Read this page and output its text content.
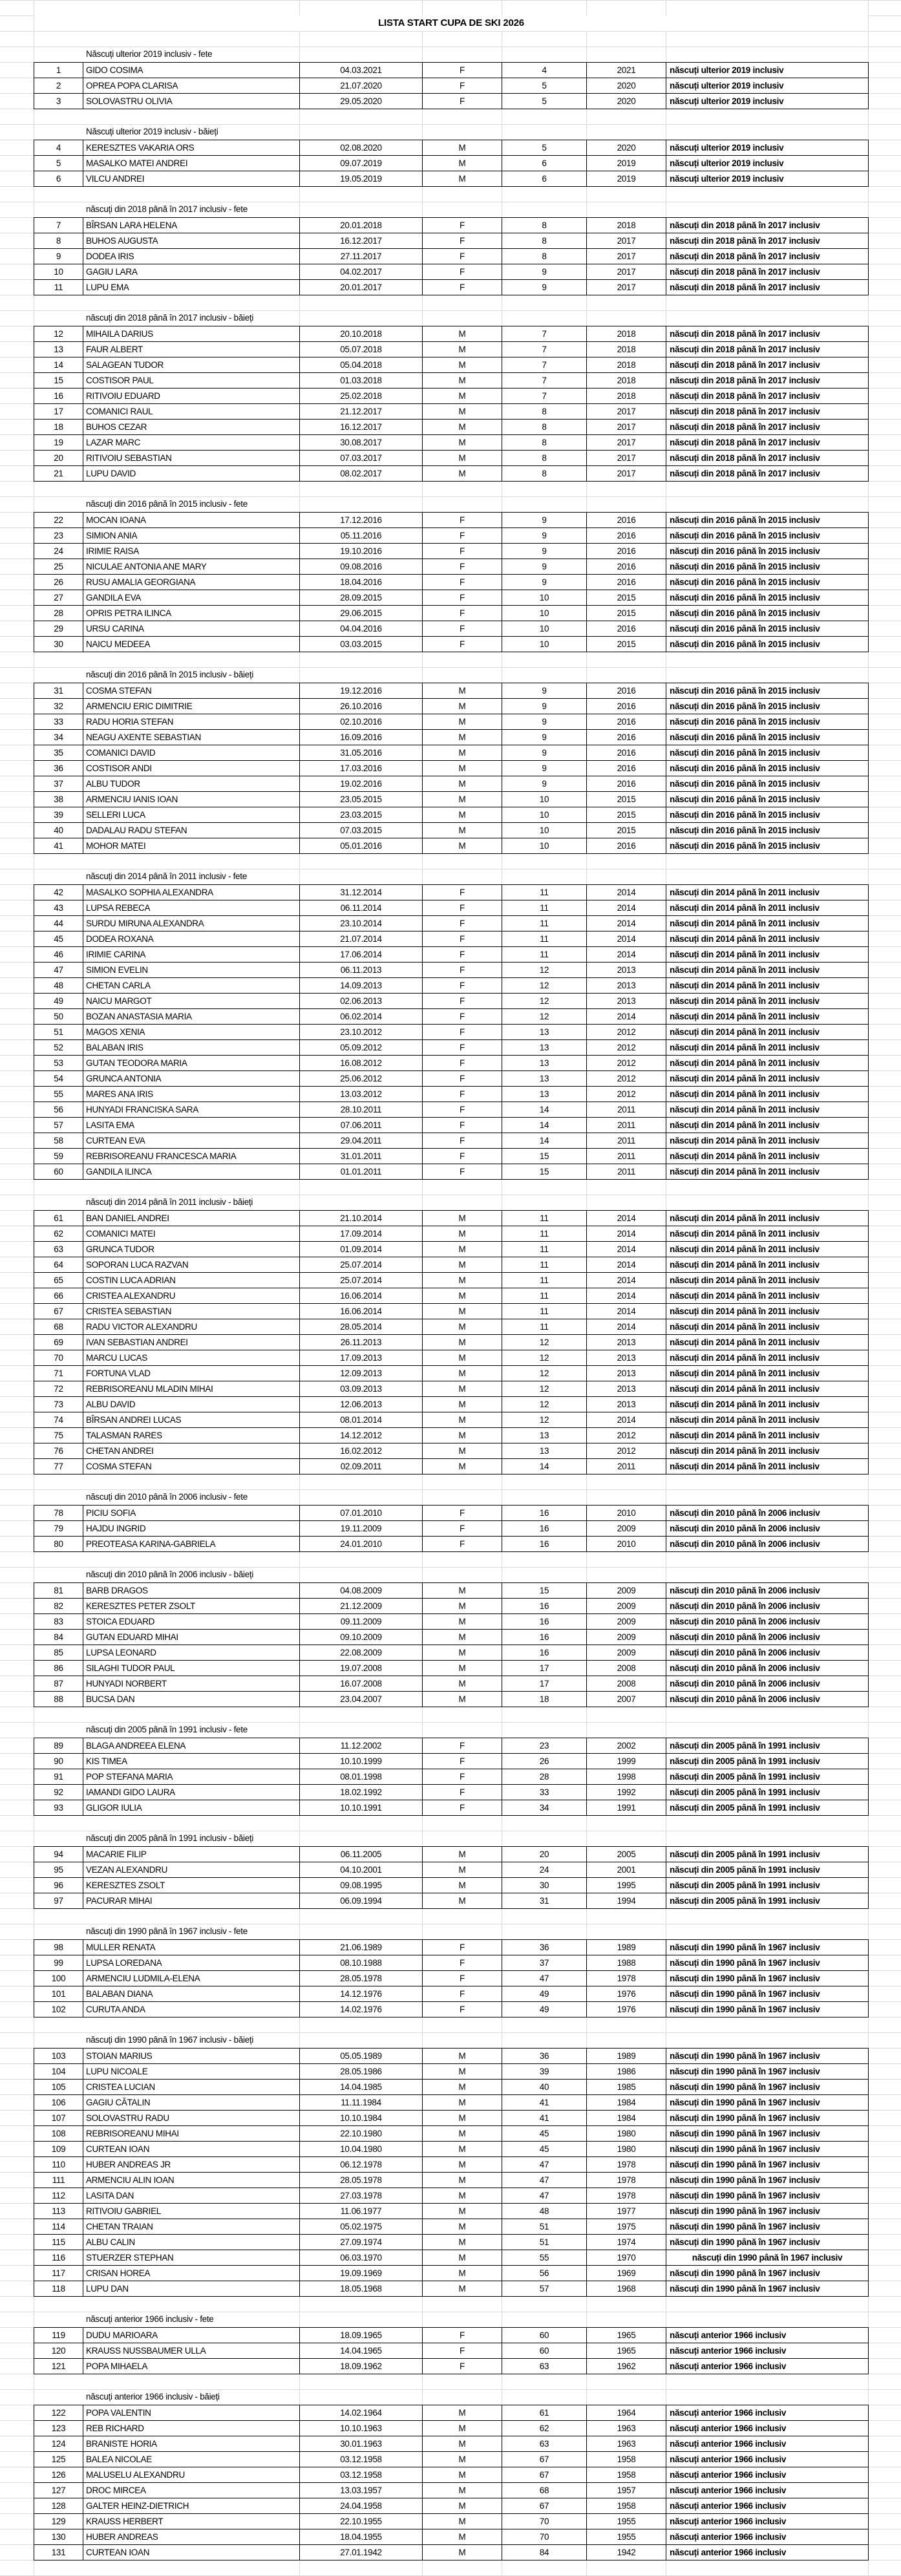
LISTA START CUPA DE SKI 2026
Născuți ulterior 2019 inclusiv - fete
1	GIDO COSIMA	04.03.2021	F	4	2021	născuți ulterior 2019 inclusiv
2	OPREA POPA CLARISA	21.07.2020	F	5	2020	născuți ulterior 2019 inclusiv
3	SOLOVASTRU OLIVIA	29.05.2020	F	5	2020	născuți ulterior 2019 inclusiv
Născuți ulterior 2019 inclusiv - băieți
4	KERESZTES VAKARIA ORS	02.08.2020	M	5	2020	născuți ulterior 2019 inclusiv
5	MASALKO MATEI ANDREI	09.07.2019	M	6	2019	născuți ulterior 2019 inclusiv
6	VILCU ANDREI	19.05.2019	M	6	2019	născuți ulterior 2019 inclusiv
născuți din 2018 până în 2017 inclusiv - fete
7	BÎRSAN LARA HELENA	20.01.2018	F	8	2018	născuți din 2018 până în 2017 inclusiv
8	BUHOS AUGUSTA	16.12.2017	F	8	2017	născuți din 2018 până în 2017 inclusiv
9	DODEA IRIS	27.11.2017	F	8	2017	născuți din 2018 până în 2017 inclusiv
10	GAGIU LARA	04.02.2017	F	9	2017	născuți din 2018 până în 2017 inclusiv
11	LUPU EMA	20.01.2017	F	9	2017	născuți din 2018 până în 2017 inclusiv
născuți din 2018 până în 2017 inclusiv - băieți
12	MIHAILA DARIUS	20.10.2018	M	7	2018	născuți din 2018 până în 2017 inclusiv
13	FAUR ALBERT	05.07.2018	M	7	2018	născuți din 2018 până în 2017 inclusiv
14	SALAGEAN TUDOR	05.04.2018	M	7	2018	născuți din 2018 până în 2017 inclusiv
15	COSTISOR PAUL	01.03.2018	M	7	2018	născuți din 2018 până în 2017 inclusiv
16	RITIVOIU EDUARD	25.02.2018	M	7	2018	născuți din 2018 până în 2017 inclusiv
17	COMANICI RAUL	21.12.2017	M	8	2017	născuți din 2018 până în 2017 inclusiv
18	BUHOS CEZAR	16.12.2017	M	8	2017	născuți din 2018 până în 2017 inclusiv
19	LAZAR MARC	30.08.2017	M	8	2017	născuți din 2018 până în 2017 inclusiv
20	RITIVOIU SEBASTIAN	07.03.2017	M	8	2017	născuți din 2018 până în 2017 inclusiv
21	LUPU DAVID	08.02.2017	M	8	2017	născuți din 2018 până în 2017 inclusiv
născuți din 2016 până în 2015 inclusiv - fete
22	MOCAN IOANA	17.12.2016	F	9	2016	născuți din 2016 până în 2015 inclusiv
23	SIMION ANIA	05.11.2016	F	9	2016	născuți din 2016 până în 2015 inclusiv
24	IRIMIE RAISA	19.10.2016	F	9	2016	născuți din 2016 până în 2015 inclusiv
25	NICULAE ANTONIA ANE MARY	09.08.2016	F	9	2016	născuți din 2016 până în 2015 inclusiv
26	RUSU AMALIA GEORGIANA	18.04.2016	F	9	2016	născuți din 2016 până în 2015 inclusiv
27	GANDILA EVA	28.09.2015	F	10	2015	născuți din 2016 până în 2015 inclusiv
28	OPRIS PETRA ILINCA	29.06.2015	F	10	2015	născuți din 2016 până în 2015 inclusiv
29	URSU CARINA	04.04.2016	F	10	2016	născuți din 2016 până în 2015 inclusiv
30	NAICU MEDEEA	03.03.2015	F	10	2015	născuți din 2016 până în 2015 inclusiv
născuți din 2016 până în 2015 inclusiv - băieți
31	COSMA STEFAN	19.12.2016	M	9	2016	născuți din 2016 până în 2015 inclusiv
32	ARMENCIU ERIC DIMITRIE	26.10.2016	M	9	2016	născuți din 2016 până în 2015 inclusiv
33	RADU HORIA STEFAN	02.10.2016	M	9	2016	născuți din 2016 până în 2015 inclusiv
34	NEAGU AXENTE SEBASTIAN	16.09.2016	M	9	2016	născuți din 2016 până în 2015 inclusiv
35	COMANICI DAVID	31.05.2016	M	9	2016	născuți din 2016 până în 2015 inclusiv
36	COSTISOR ANDI	17.03.2016	M	9	2016	născuți din 2016 până în 2015 inclusiv
37	ALBU TUDOR	19.02.2016	M	9	2016	născuți din 2016 până în 2015 inclusiv
38	ARMENCIU IANIS IOAN	23.05.2015	M	10	2015	născuți din 2016 până în 2015 inclusiv
39	SELLERI LUCA	23.03.2015	M	10	2015	născuți din 2016 până în 2015 inclusiv
40	DADALAU RADU STEFAN	07.03.2015	M	10	2015	născuți din 2016 până în 2015 inclusiv
41	MOHOR MATEI	05.01.2016	M	10	2016	născuți din 2016 până în 2015 inclusiv
născuți din 2014 până în 2011 inclusiv - fete
42	MASALKO SOPHIA ALEXANDRA	31.12.2014	F	11	2014	născuți din 2014 până în 2011 inclusiv
43	LUPSA REBECA	06.11.2014	F	11	2014	născuți din 2014 până în 2011 inclusiv
44	SURDU MIRUNA ALEXANDRA	23.10.2014	F	11	2014	născuți din 2014 până în 2011 inclusiv
45	DODEA ROXANA	21.07.2014	F	11	2014	născuți din 2014 până în 2011 inclusiv
46	IRIMIE CARINA	17.06.2014	F	11	2014	născuți din 2014 până în 2011 inclusiv
47	SIMION EVELIN	06.11.2013	F	12	2013	născuți din 2014 până în 2011 inclusiv
48	CHETAN CARLA	14.09.2013	F	12	2013	născuți din 2014 până în 2011 inclusiv
49	NAICU MARGOT	02.06.2013	F	12	2013	născuți din 2014 până în 2011 inclusiv
50	BOZAN ANASTASIA MARIA	06.02.2014	F	12	2014	născuți din 2014 până în 2011 inclusiv
51	MAGOS XENIA	23.10.2012	F	13	2012	născuți din 2014 până în 2011 inclusiv
52	BALABAN IRIS	05.09.2012	F	13	2012	născuți din 2014 până în 2011 inclusiv
53	GUTAN TEODORA MARIA	16.08.2012	F	13	2012	născuți din 2014 până în 2011 inclusiv
54	GRUNCA ANTONIA	25.06.2012	F	13	2012	născuți din 2014 până în 2011 inclusiv
55	MARES ANA IRIS	13.03.2012	F	13	2012	născuți din 2014 până în 2011 inclusiv
56	HUNYADI FRANCISKA SARA	28.10.2011	F	14	2011	născuți din 2014 până în 2011 inclusiv
57	LASITA EMA	07.06.2011	F	14	2011	născuți din 2014 până în 2011 inclusiv
58	CURTEAN EVA	29.04.2011	F	14	2011	născuți din 2014 până în 2011 inclusiv
59	REBRISOREANU FRANCESCA MARIA	31.01.2011	F	15	2011	născuți din 2014 până în 2011 inclusiv
60	GANDILA ILINCA	01.01.2011	F	15	2011	născuți din 2014 până în 2011 inclusiv
născuți din 2014 până în 2011 inclusiv - băieți
61	BAN DANIEL ANDREI	21.10.2014	M	11	2014	născuți din 2014 până în 2011 inclusiv
62	COMANICI MATEI	17.09.2014	M	11	2014	născuți din 2014 până în 2011 inclusiv
63	GRUNCA TUDOR	01.09.2014	M	11	2014	născuți din 2014 până în 2011 inclusiv
64	SOPORAN LUCA RAZVAN	25.07.2014	M	11	2014	născuți din 2014 până în 2011 inclusiv
65	COSTIN LUCA ADRIAN	25.07.2014	M	11	2014	născuți din 2014 până în 2011 inclusiv
66	CRISTEA ALEXANDRU	16.06.2014	M	11	2014	născuți din 2014 până în 2011 inclusiv
67	CRISTEA SEBASTIAN	16.06.2014	M	11	2014	născuți din 2014 până în 2011 inclusiv
68	RADU VICTOR ALEXANDRU	28.05.2014	M	11	2014	născuți din 2014 până în 2011 inclusiv
69	IVAN SEBASTIAN ANDREI	26.11.2013	M	12	2013	născuți din 2014 până în 2011 inclusiv
70	MARCU LUCAS	17.09.2013	M	12	2013	născuți din 2014 până în 2011 inclusiv
71	FORTUNA VLAD	12.09.2013	M	12	2013	născuți din 2014 până în 2011 inclusiv
72	REBRISOREANU MLADIN MIHAI	03.09.2013	M	12	2013	născuți din 2014 până în 2011 inclusiv
73	ALBU DAVID	12.06.2013	M	12	2013	născuți din 2014 până în 2011 inclusiv
74	BÎRSAN ANDREI LUCAS	08.01.2014	M	12	2014	născuți din 2014 până în 2011 inclusiv
75	TALASMAN RARES	14.12.2012	M	13	2012	născuți din 2014 până în 2011 inclusiv
76	CHETAN ANDREI	16.02.2012	M	13	2012	născuți din 2014 până în 2011 inclusiv
77	COSMA STEFAN	02.09.2011	M	14	2011	născuți din 2014 până în 2011 inclusiv
născuți din 2010 până în 2006 inclusiv - fete
78	PICIU SOFIA	07.01.2010	F	16	2010	născuți din 2010 până în 2006 inclusiv
79	HAJDU INGRID	19.11.2009	F	16	2009	născuți din 2010 până în 2006 inclusiv
80	PREOTEASA KARINA-GABRIELA	24.01.2010	F	16	2010	născuți din 2010 până în 2006 inclusiv
născuți din 2010 până în 2006 inclusiv - băieți
81	BARB DRAGOS	04.08.2009	M	15	2009	născuți din 2010 până în 2006 inclusiv
82	KERESZTES PETER ZSOLT	21.12.2009	M	16	2009	născuți din 2010 până în 2006 inclusiv
83	STOICA EDUARD	09.11.2009	M	16	2009	născuți din 2010 până în 2006 inclusiv
84	GUTAN EDUARD MIHAI	09.10.2009	M	16	2009	născuți din 2010 până în 2006 inclusiv
85	LUPSA LEONARD	22.08.2009	M	16	2009	născuți din 2010 până în 2006 inclusiv
86	SILAGHI TUDOR PAUL	19.07.2008	M	17	2008	născuți din 2010 până în 2006 inclusiv
87	HUNYADI NORBERT	16.07.2008	M	17	2008	născuți din 2010 până în 2006 inclusiv
88	BUCSA DAN	23.04.2007	M	18	2007	născuți din 2010 până în 2006 inclusiv
născuți din 2005 până în 1991 inclusiv - fete
89	BLAGA ANDREEA ELENA	11.12.2002	F	23	2002	născuți din 2005 până în 1991 inclusiv
90	KIS TIMEA	10.10.1999	F	26	1999	născuți din 2005 până în 1991 inclusiv
91	POP STEFANA MARIA	08.01.1998	F	28	1998	născuți din 2005 până în 1991 inclusiv
92	IAMANDI GIDO LAURA	18.02.1992	F	33	1992	născuți din 2005 până în 1991 inclusiv
93	GLIGOR IULIA	10.10.1991	F	34	1991	născuți din 2005 până în 1991 inclusiv
născuți din 2005 până în 1991 inclusiv - băieți
94	MACARIE FILIP	06.11.2005	M	20	2005	născuți din 2005 până în 1991 inclusiv
95	VEZAN ALEXANDRU	04.10.2001	M	24	2001	născuți din 2005 până în 1991 inclusiv
96	KERESZTES ZSOLT	09.08.1995	M	30	1995	născuți din 2005 până în 1991 inclusiv
97	PACURAR MIHAI	06.09.1994	M	31	1994	născuți din 2005 până în 1991 inclusiv
născuți din 1990 până în 1967 inclusiv - fete
98	MULLER RENATA	21.06.1989	F	36	1989	născuți din 1990 până în 1967 inclusiv
99	LUPSA LOREDANA	08.10.1988	F	37	1988	născuți din 1990 până în 1967 inclusiv
100	ARMENCIU LUDMILA-ELENA	28.05.1978	F	47	1978	născuți din 1990 până în 1967 inclusiv
101	BALABAN DIANA	14.12.1976	F	49	1976	născuți din 1990 până în 1967 inclusiv
102	CURUTA ANDA	14.02.1976	F	49	1976	născuți din 1990 până în 1967 inclusiv
născuți din 1990 până în 1967 inclusiv - băieți
103	STOIAN MARIUS	05.05.1989	M	36	1989	născuți din 1990 până în 1967 inclusiv
104	LUPU NICOALE	28.05.1986	M	39	1986	născuți din 1990 până în 1967 inclusiv
105	CRISTEA LUCIAN	14.04.1985	M	40	1985	născuți din 1990 până în 1967 inclusiv
106	GAGIU CĂTALIN	11.11.1984	M	41	1984	născuți din 1990 până în 1967 inclusiv
107	SOLOVASTRU RADU	10.10.1984	M	41	1984	născuți din 1990 până în 1967 inclusiv
108	REBRISOREANU MIHAI	22.10.1980	M	45	1980	născuți din 1990 până în 1967 inclusiv
109	CURTEAN IOAN	10.04.1980	M	45	1980	născuți din 1990 până în 1967 inclusiv
110	HUBER ANDREAS JR	06.12.1978	M	47	1978	născuți din 1990 până în 1967 inclusiv
111	ARMENCIU ALIN IOAN	28.05.1978	M	47	1978	născuți din 1990 până în 1967 inclusiv
112	LASITA DAN	27.03.1978	M	47	1978	născuți din 1990 până în 1967 inclusiv
113	RITIVOIU GABRIEL	11.06.1977	M	48	1977	născuți din 1990 până în 1967 inclusiv
114	CHETAN TRAIAN	05.02.1975	M	51	1975	născuți din 1990 până în 1967 inclusiv
115	ALBU CALIN	27.09.1974	M	51	1974	născuți din 1990 până în 1967 inclusiv
116	STUERZER STEPHAN	06.03.1970	M	55	1970	născuți din 1990 până în 1967 inclusiv
117	CRISAN HOREA	19.09.1969	M	56	1969	născuți din 1990 până în 1967 inclusiv
118	LUPU DAN	18.05.1968	M	57	1968	născuți din 1990 până în 1967 inclusiv
născuți anterior 1966 inclusiv - fete
119	DUDU MARIOARA	18.09.1965	F	60	1965	născuți anterior 1966 inclusiv
120	KRAUSS NUSSBAUMER ULLA	14.04.1965	F	60	1965	născuți anterior 1966 inclusiv
121	POPA MIHAELA	18.09.1962	F	63	1962	născuți anterior 1966 inclusiv
născuți anterior 1966 inclusiv - băieți
122	POPA VALENTIN	14.02.1964	M	61	1964	născuți anterior 1966 inclusiv
123	REB RICHARD	10.10.1963	M	62	1963	născuți anterior 1966 inclusiv
124	BRANISTE HORIA	30.01.1963	M	63	1963	născuți anterior 1966 inclusiv
125	BALEA NICOLAE	03.12.1958	M	67	1958	născuți anterior 1966 inclusiv
126	MALUSELU ALEXANDRU	03.12.1958	M	67	1958	născuți anterior 1966 inclusiv
127	DROC MIRCEA	13.03.1957	M	68	1957	născuți anterior 1966 inclusiv
128	GALTER HEINZ-DIETRICH	24.04.1958	M	67	1958	născuți anterior 1966 inclusiv
129	KRAUSS HERBERT	22.10.1955	M	70	1955	născuți anterior 1966 inclusiv
130	HUBER ANDREAS	18.04.1955	M	70	1955	născuți anterior 1966 inclusiv
131	CURTEAN IOAN	27.01.1942	M	84	1942	născuți anterior 1966 inclusiv
